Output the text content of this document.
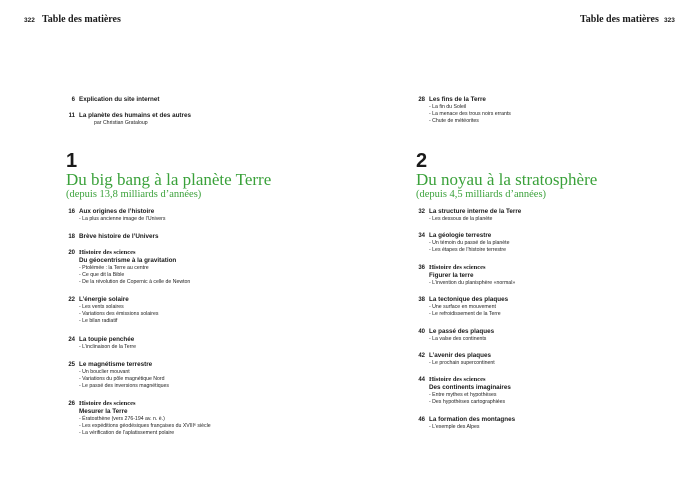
322 Table des matières	Table des matières 323
6 Explication du site internet
11 La planète des humains et des autres
par Christian Grataloup
28 Les fins de la Terre
- La fin du Soleil
- La menace des trous noirs errants
- Chute de météorites
1
Du big bang à la planète Terre
(depuis 13,8 milliards d’années)
2
Du noyau à la stratosphère
(depuis 4,5 milliards d’années)
16 Aux origines de l’histoire
- La plus ancienne image de l’Univers
18 Brève histoire de l’Univers
20 Histoire des sciences
Du géocentrisme à la gravitation
- Ptolémée : la Terre au centre
- Ce que dit la Bible
- De la révolution de Copernic à celle de Newton
22 L’énergie solaire
- Les vents solaires
- Variations des émissions solaires
- Le bilan radiatif
24 La toupie penchée
- L’inclinaison de la Terre
25 Le magnétisme terrestre
- Un bouclier mouvant
- Variations du pôle magnétique Nord
- Le passé des inversions magnétiques
26 Histoire des sciences
Mesurer la Terre
- Ératosthène (vers 276-194 av. n. è.)
- Les expéditions géodésiques françaises du XVIIIᵉ siècle
- La vérification de l’aplatissement polaire
32 La structure interne de la Terre
- Les dessous de la planète
34 La géologie terrestre
- Un témoin du passé de la planète
- Les étapes de l’histoire terrestre
36 Histoire des sciences
Figurer la terre
- L’invention du planisphère «normal»
38 La tectonique des plaques
- Une surface en mouvement
- Le refroidissement de la Terre
40 Le passé des plaques
- La valse des continents
42 L’avenir des plaques
- Le prochain supercontinent
44 Histoire des sciences
Des continents imaginaires
- Entre mythes et hypothèses
- Des hypothèses cartographiées
46 La formation des montagnes
- L’exemple des Alpes
